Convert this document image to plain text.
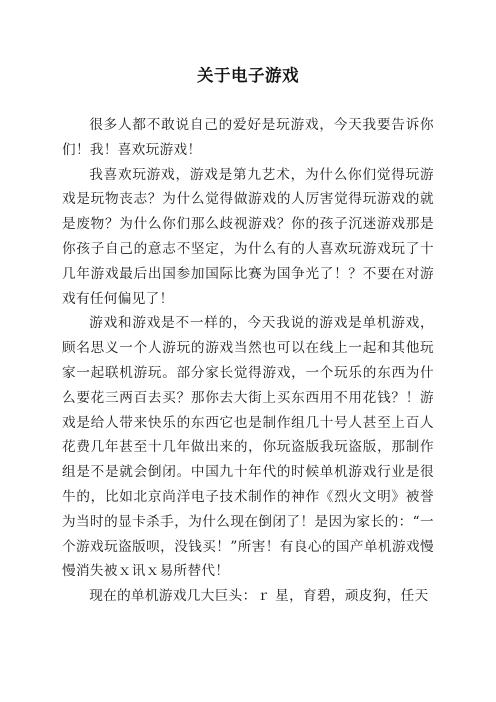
关于电子游戏

很多人都不敢说自己的爱好是玩游戏，今天我要告诉你们！我！喜欢玩游戏！

我喜欢玩游戏，游戏是第九艺术，为什么你们觉得玩游戏是玩物丧志？为什么觉得做游戏的人厉害觉得玩游戏的就是废物？为什么你们那么歧视游戏？你的孩子沉迷游戏那是你孩子自己的意志不坚定，为什么有的人喜欢玩游戏玩了十几年游戏最后出国参加国际比赛为国争光了！？不要在对游戏有任何偏见了！

游戏和游戏是不一样的，今天我说的游戏是单机游戏，顾名思义一个人游玩的游戏当然也可以在线上一起和其他玩家一起联机游玩。部分家长觉得游戏，一个玩乐的东西为什么要花三两百去买？那你去大街上买东西用不用花钱？！游戏是给人带来快乐的东西它也是制作组几十号人甚至上百人花费几年甚至十几年做出来的，你玩盗版我玩盗版，那制作组是不是就会倒闭。中国九十年代的时候单机游戏行业是很牛的，比如北京尚洋电子技术制作的神作《烈火文明》被誉为当时的显卡杀手，为什么现在倒闭了！是因为家长的：“一个游戏玩盗版呗，没钱买！”所害！有良心的国产单机游戏慢慢消失被ｘ讯ｘ易所替代！

现在的单机游戏几大巨头：ｒ 星，育碧，顽皮狗，任天
